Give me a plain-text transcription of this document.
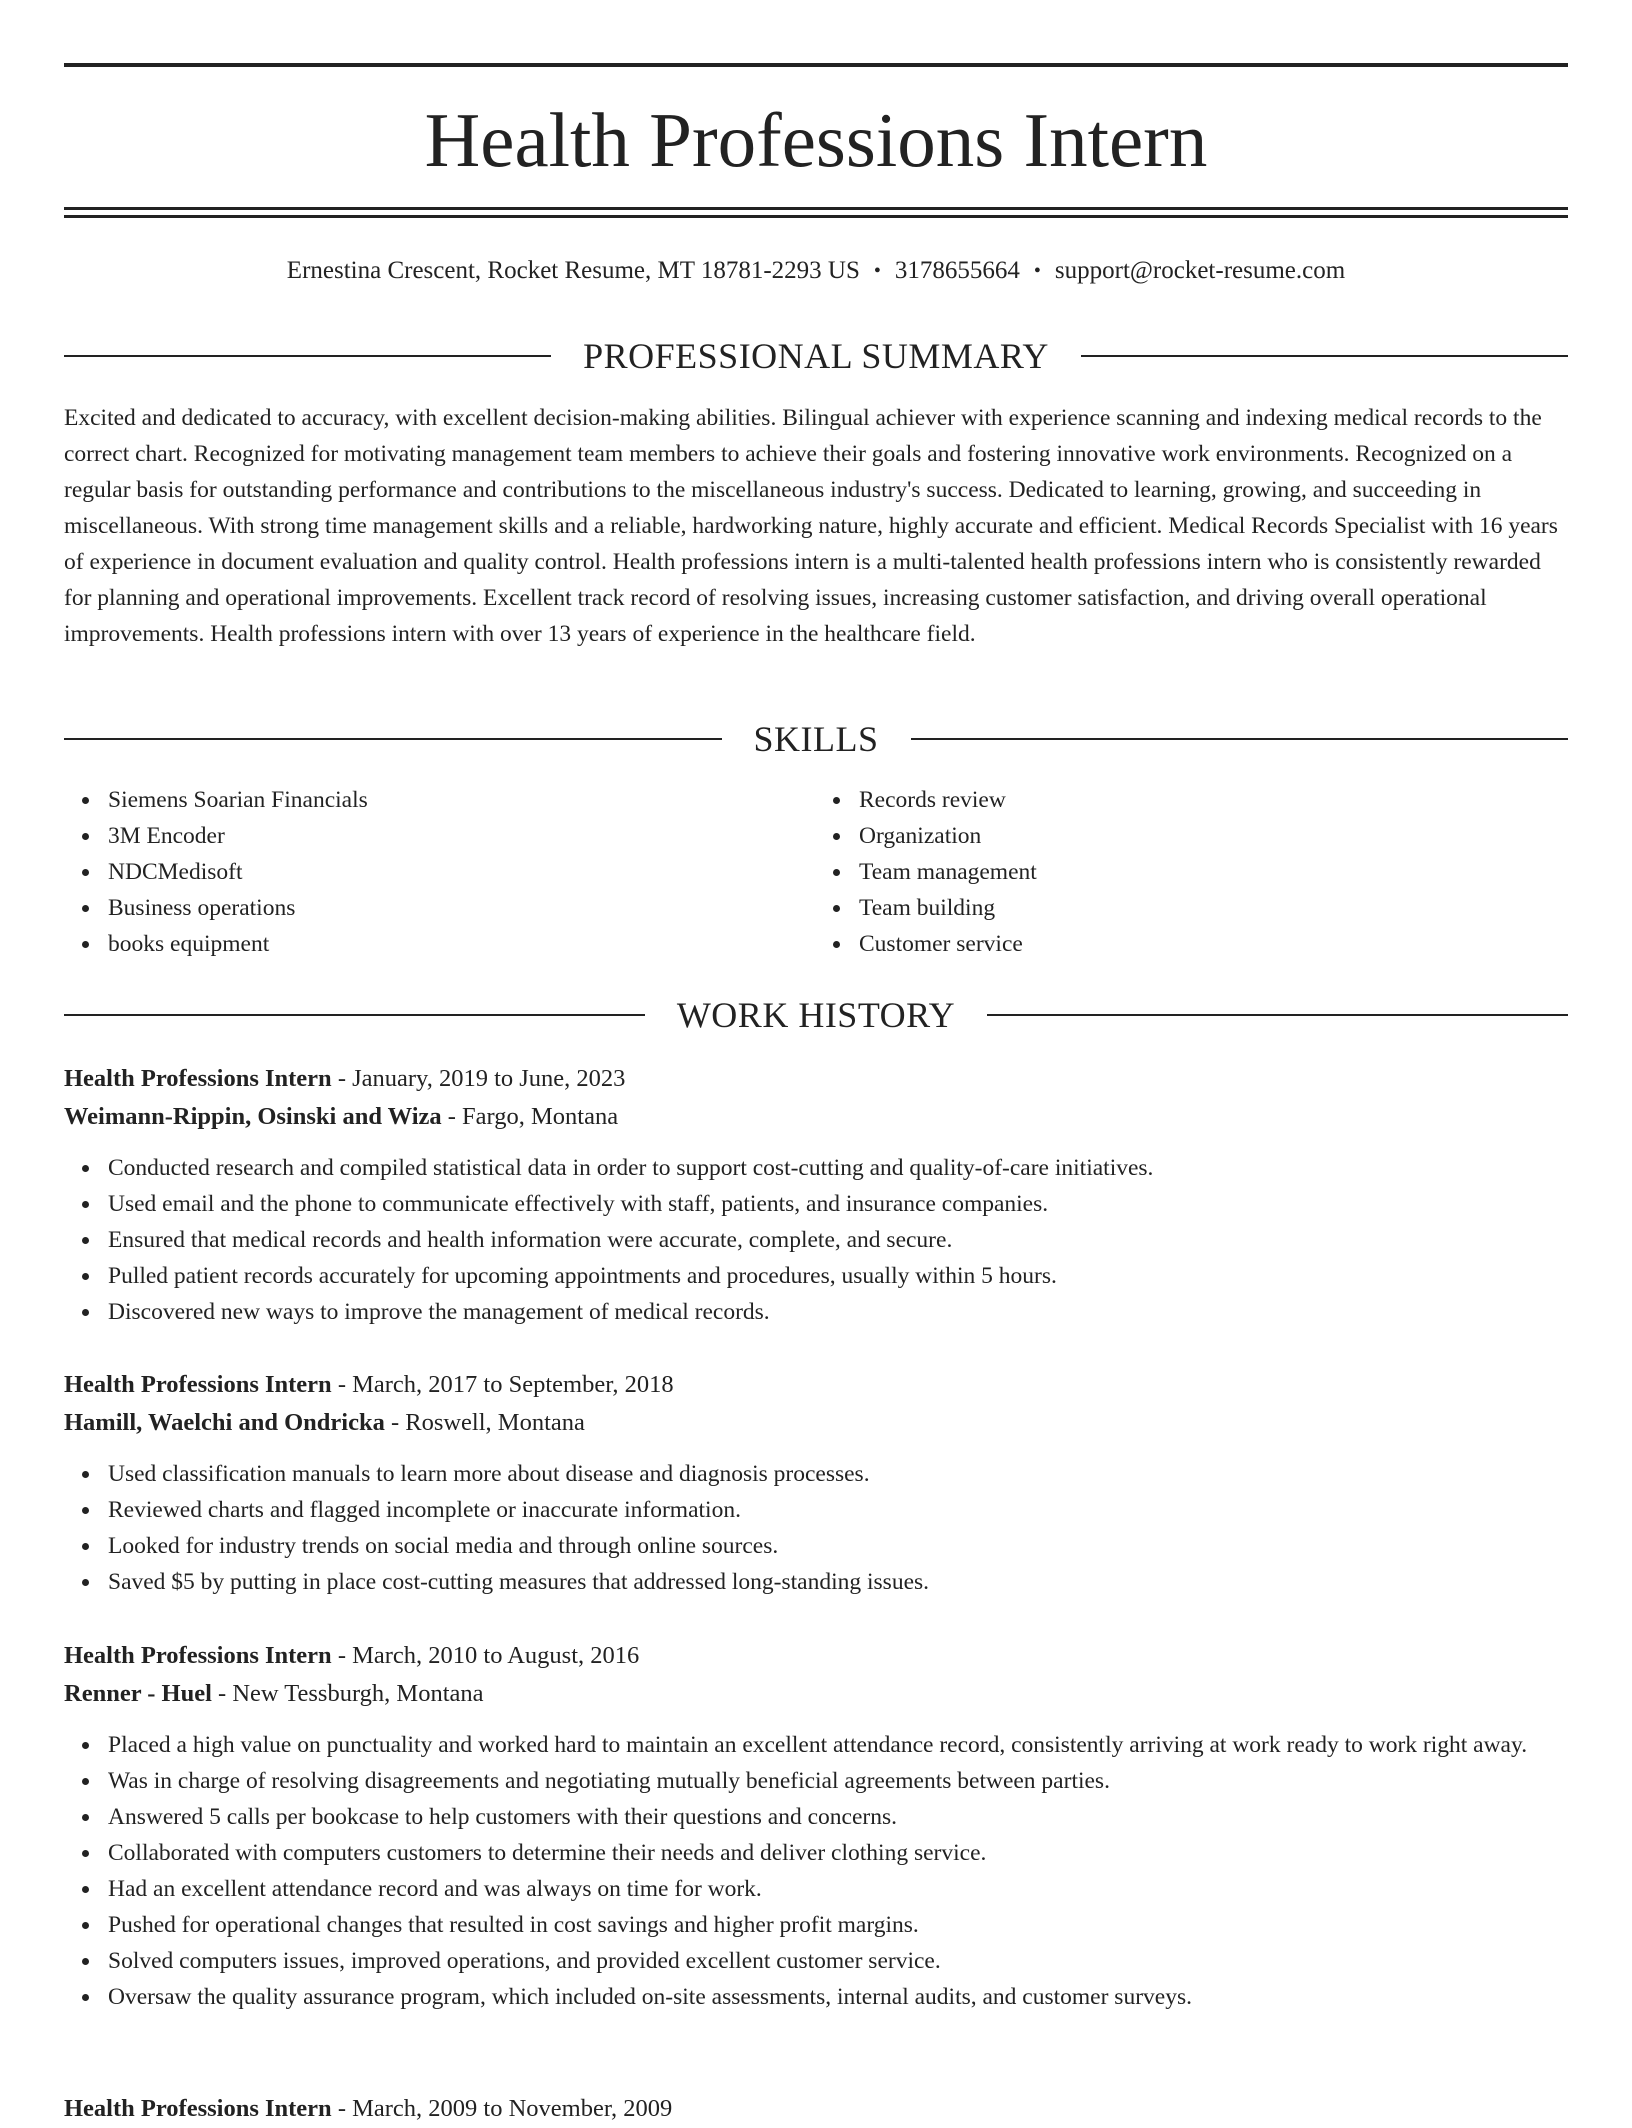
Health Professions Intern
Ernestina Crescent, Rocket Resume, MT 18781-2293 US • 3178655664 • support@rocket-resume.com
PROFESSIONAL SUMMARY

Excited and dedicated to accuracy, with excellent decision-making abilities. Bilingual achiever with experience scanning and indexing medical records to the correct chart. Recognized for motivating management team members to achieve their goals and fostering innovative work environments. Recognized on a regular basis for outstanding performance and contributions to the miscellaneous industry's success. Dedicated to learning, growing, and succeeding in miscellaneous. With strong time management skills and a reliable, hardworking nature, highly accurate and efficient. Medical Records Specialist with 16 years of experience in document evaluation and quality control. Health professions intern is a multi-talented health professions intern who is consistently rewarded for planning and operational improvements. Excellent track record of resolving issues, increasing customer satisfaction, and driving overall operational improvements. Health professions intern with over 13 years of experience in the healthcare field.

SKILLS
Siemens Soarian Financials
3M Encoder
NDCMedisoft
Business operations
books equipment
Records review
Organization
Team management
Team building
Customer service
WORK HISTORY
Health Professions Intern - January, 2019 to June, 2023
Weimann-Rippin, Osinski and Wiza - Fargo, Montana
Conducted research and compiled statistical data in order to support cost-cutting and quality-of-care initiatives.
Used email and the phone to communicate effectively with staff, patients, and insurance companies.
Ensured that medical records and health information were accurate, complete, and secure.
Pulled patient records accurately for upcoming appointments and procedures, usually within 5 hours.
Discovered new ways to improve the management of medical records.
Health Professions Intern - March, 2017 to September, 2018
Hamill, Waelchi and Ondricka - Roswell, Montana
Used classification manuals to learn more about disease and diagnosis processes.
Reviewed charts and flagged incomplete or inaccurate information.
Looked for industry trends on social media and through online sources.
Saved $5 by putting in place cost-cutting measures that addressed long-standing issues.
Health Professions Intern - March, 2010 to August, 2016
Renner - Huel - New Tessburgh, Montana
Placed a high value on punctuality and worked hard to maintain an excellent attendance record, consistently arriving at work ready to work right away.
Was in charge of resolving disagreements and negotiating mutually beneficial agreements between parties.
Answered 5 calls per bookcase to help customers with their questions and concerns.
Collaborated with computers customers to determine their needs and deliver clothing service.
Had an excellent attendance record and was always on time for work.
Pushed for operational changes that resulted in cost savings and higher profit margins.
Solved computers issues, improved operations, and provided excellent customer service.
Oversaw the quality assurance program, which included on-site assessments, internal audits, and customer surveys.
Health Professions Intern - March, 2009 to November, 2009
